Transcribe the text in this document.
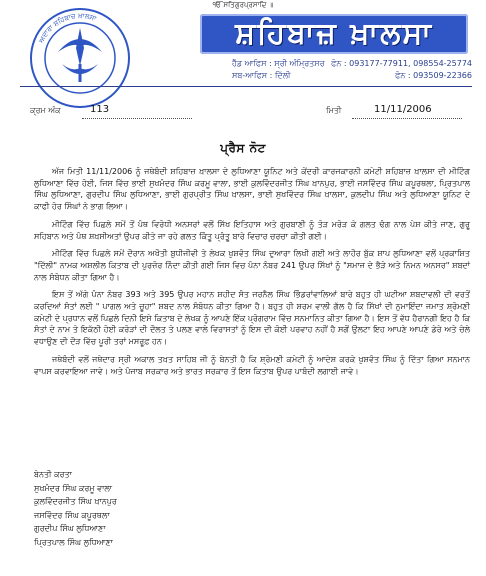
ੴ ਸਤਿਗੁਰਪ੍ਰਸਾਦਿ ॥
ਅਦਾਰਾ ਸ਼ਹਿਬਾਜ਼ ਖ਼ਾਲਸਾ	ਸ਼ਹਿਬਾਜ਼ ਖ਼ਾਲਸਾ
ਹੈੱਡ ਆਫਿਸ : ਸ੍ਰੀ ਅੰਮ੍ਰਿਤਸਰ ਫੋਨ : 093177-77911, 098554-25774
ਸਬ-ਆਫਿਸ : ਦਿੱਲੀ	ਫੋਨ : 093509-22366
ਕ੍ਰਮ ਅੰਕ	113	ਮਿਤੀ	11/11/2006
ਪ੍ਰੈਸ ਨੋਟ

ਅੱਜ ਮਿਤੀ 11/11/2006 ਨੂੰ ਜਥੇਬੰਦੀ ਸ਼ਹਿਬਾਜ਼ ਖ਼ਾਲਸਾ ਦੇ ਲੁਧਿਆਣਾ ਯੂਨਿਟ ਅਤੇ ਕੇਂਦਰੀ ਕਾਰਜਕਾਰਨੀ ਕਮੇਟੀ ਸ਼ਹਿਬਾਜ਼ ਖ਼ਾਲਸਾ ਦੀ ਮੀਟਿੰਗ ਲੁਧਿਆਣਾ ਵਿੱਚ ਹੋਈ, ਜਿਸ ਵਿੱਚ ਭਾਈ ਸੁਖਮੰਦਰ ਸਿੰਘ ਕਰਮੂ ਵਾਲਾ, ਭਾਈ ਕੁਲਵਿੰਦਰਜੀਤ ਸਿੰਘ ਖ਼ਾਨਪੁਰ, ਭਾਈ ਜਸਵਿੰਦਰ ਸਿੰਘ ਕਪੂਰਥਲਾ, ਪ੍ਰਿਤਪਾਲ ਸਿੰਘ ਲੁਧਿਆਣਾ, ਗੁਰਦੀਪ ਸਿੰਘ ਲੁਧਿਆਣਾ, ਭਾਈ ਗੁਰਪ੍ਰੀਤ ਸਿੰਘ ਖ਼ਾਲਸਾ, ਭਾਈ ਸੁਖਵਿੰਦਰ ਸਿੰਘ ਖ਼ਾਲਸਾ, ਕੁਲਦੀਪ ਸਿੰਘ ਅਤੇ ਲੁਧਿਆਣਾ ਯੂਨਿਟ ਦੇ ਕਾਫੀ ਹੋਰ ਸਿੰਘਾਂ ਨੇ ਭਾਗ ਲਿਆ।

ਮੀਟਿੰਗ ਵਿੱਚ ਪਿਛਲੇ ਸਮੇਂ ਤੋਂ ਪੰਥ ਵਿਰੋਧੀ ਅਨਸਰਾਂ ਵਲੋਂ ਸਿੱਖ ਇਤਿਹਾਸ ਅਤੇ ਗੁਰਬਾਣੀ ਨੂੰ ਤੋੜ ਮਰੋੜ ਕੇ ਗਲਤ ਢੰਗ ਨਾਲ ਪੇਸ਼ ਕੀਤੇ ਜਾਣ, ਗੁਰੂ ਸਹਿਬਾਨ ਅਤੇ ਪੰਥ ਸ਼ਖ਼ਸੀਅਤਾਂ ਉਪਰ ਕੀਤੇ ਜਾ ਰਹੇ ਗਲਤ ਕਿੰਤੂ ਪ੍ਰੰਤੂ ਬਾਰੇ ਵਿਚਾਰ ਚਰਚਾ ਕੀਤੀ ਗਈ।

ਮੀਟਿੰਗ ਵਿੱਚ ਪਿਛਲੇ ਸਮੇਂ ਦੌਰਾਨ ਅਖੌਤੀ ਬੁਧੀਜੀਵੀ ਤੇ ਲੇਖਕ ਖੁਸ਼ਵੰਤ ਸਿੰਘ ਦੁਆਰਾ ਲਿਖੀ ਗਈ ਅਤੇ ਲਾਹੌਰ ਬੁੱਕ ਸ਼ਾਪ ਲੁਧਿਆਣਾ ਵਲੋਂ ਪ੍ਰਕਾਸ਼ਿਤ "ਦਿੱਲੀ" ਨਾਮਕ ਅਸ਼ਲੀਲ ਕਿਤਾਬ ਦੀ ਪੁਰਜ਼ੋਰ ਨਿੰਦਾ ਕੀਤੀ ਗਈ ਜਿਸ ਵਿਚ ਪੰਨਾ ਨੰਬਰ 241 ਉਪਰ ਸਿੱਖਾਂ ਨੂੰ "ਸਮਾਜ ਦੇ ਭੈੜੇ ਅਤੇ ਨਿਮਨ ਅਨਸਰ" ਸ਼ਬਦਾਂ ਨਾਲ ਸੰਬੋਧਨ ਕੀਤਾ ਗਿਆ ਹੈ।

ਇਸ ਤੋਂ ਅੱਗੇ ਪੰਨਾ ਨੰਬਰ 393 ਅਤੇ 395 ਉਪਰ ਮਹਾਨ ਸ਼ਹੀਦ ਸੰਤ ਜਰਨੈਲ ਸਿੰਘ ਭਿੰਡਰਾਂਵਾਲਿਆਂ ਬਾਰੇ ਬਹੁਤ ਹੀ ਘਟੀਆ ਸ਼ਬਦਾਵਲੀ ਦੀ ਵਰਤੋਂ ਕਰਦਿਆਂ ਸੰਤਾਂ ਲਈ " ਪਾਗਲ ਅਤੇ ਚੂਹਾ" ਸ਼ਬਦ ਨਾਲ ਸੰਬੋਧਨ ਕੀਤਾ ਗਿਆ ਹੈ। ਬਹੁਤ ਹੀ ਸ਼ਰਮ ਵਾਲੀ ਗੱਲ ਹੈ ਕਿ ਸਿੱਖਾਂ ਦੀ ਨੁਮਾਇੰਦਾ ਜਮਾਤ ਸ਼੍ਰੋਮਣੀ ਕਮੇਟੀ ਦੇ ਪ੍ਰਧਾਨ ਵਲੋਂ ਪਿਛਲੇ ਦਿਨੀ ਇਸੇ ਕਿਤਾਬ ਦੇ ਲੇਖਕ ਨੂੰ ਆਪਣੇ ਇੱਕ ਪ੍ਰੋਗਰਾਮ ਵਿੱਚ ਸਨਮਾਨਿਤ ਕੀਤਾ ਗਿਆ ਹੈ। ਇਸ ਤੋਂ ਵੱਧ ਹੈਰਾਨਗੀ ਇਹ ਹੈ ਕਿ ਸੰਤਾਂ ਦੇ ਨਾਮ ਤੇ ਇਕੱਠੀ ਹੋਈ ਕਰੋੜਾਂ ਦੀ ਦੌਲਤ ਤੇ ਪਲਣ ਵਾਲੇ ਵਿਰਾਸਤਾਂ ਨੂੰ ਇਸ ਦੀ ਕੋਈ ਪਰਵਾਹ ਨਹੀਂ ਹੈ ਸਗੋਂ ਉਲਟਾ ਇਹ ਆਪਣੇ ਆਪਣੇ ਡੇਰੇ ਅਤੇ ਚੇਲੇ ਵਧਾਉਣ ਦੀ ਦੌੜ ਵਿੱਚ ਪੂਰੀ ਤਰਾਂ ਮਸਰੂਫ਼ ਹਨ।

ਜਥੇਬੰਦੀ ਵਲੋਂ ਜਥੇਦਾਰ ਸ੍ਰੀ ਅਕਾਲ ਤਖ਼ਤ ਸਾਹਿਬ ਜੀ ਨੂੰ ਬੇਨਤੀ ਹੈ ਕਿ ਸ਼੍ਰੋਮਣੀ ਕਮੇਟੀ ਨੂੰ ਆਦੇਸ਼ ਕਰਕੇ ਖੁਸ਼ਵੰਤ ਸਿੰਘ ਨੂੰ ਦਿੱਤਾ ਗਿਆ ਸਨਮਾਨ ਵਾਪਸ ਕਰਵਾਇਆ ਜਾਵੇ। ਅਤੇ ਪੰਜਾਬ ਸਰਕਾਰ ਅਤੇ ਭਾਰਤ ਸਰਕਾਰ ਤੋਂ ਇਸ ਕਿਤਾਬ ਉਪਰ ਪਾਬੰਦੀ ਲਗਾਈ ਜਾਵੇ।

ਬੇਨਤੀ ਕਰਤਾ
ਸੁਖਮੰਦਰ ਸਿੰਘ ਕਰਮੂ ਵਾਲਾ
ਕੁਲਵਿੰਦਰਜੀਤ ਸਿੰਘ ਖ਼ਾਨਪੁਰ
ਜਸਵਿੰਦਰ ਸਿੰਘ ਕਪੂਰਥਲਾ
ਗੁਰਦੀਪ ਸਿੰਘ ਲੁਧਿਆਣਾ
ਪ੍ਰਿਤਪਾਲ ਸਿੰਘ ਲੁਧਿਆਣਾ
